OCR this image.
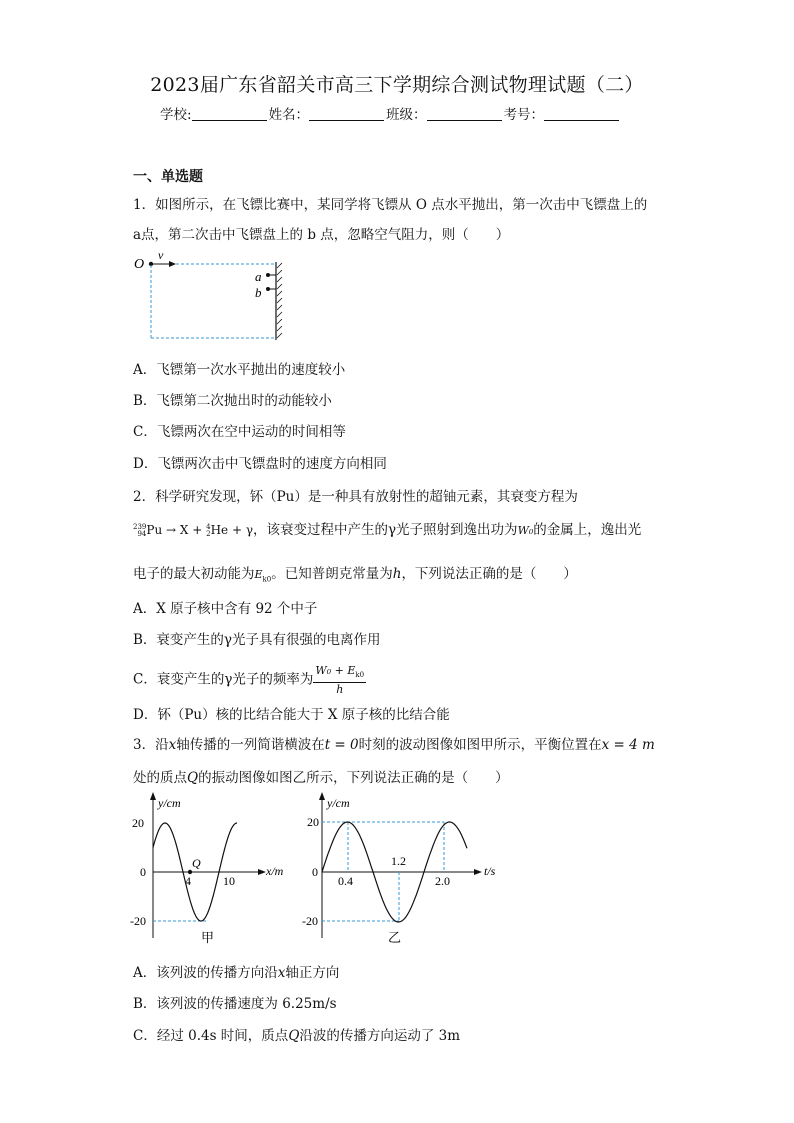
2023届广东省韶关市高三下学期综合测试物理试题（二）
学校:	姓名：	班级：	考号：
一、单选题
1．如图所示，在飞镖比赛中，某同学将飞镖从 O 点水平抛出，第一次击中飞镖盘上的
a点，第二次击中飞镖盘上的 b 点，忽略空气阻力，则（　　）
O
v
a
b
A．飞镖第一次水平抛出的速度较小
B．飞镖第二次抛出时的动能较小
C．飞镖两次在空中运动的时间相等
D．飞镖两次击中飞镖盘时的速度方向相同
2．科学研究发现，钚（Pu）是一种具有放射性的超铀元素，其衰变方程为
239
94Pu → X + 4
2He + γ，该衰变过程中产生的γ光子照射到逸出功为W₀的金属上，逸出光
电子的最大初动能为$E_{k0}$。已知普朗克常量为h，下列说法正确的是（　　）
A．X 原子核中含有 92 个中子
B．衰变产生的γ光子具有很强的电离作用
C．衰变产生的γ光子的频率为 $\frac{W_0 + E_{k0}}{h}$
D．钚（Pu）核的比结合能大于 X 原子核的比结合能
3．沿x轴传播的一列简谐横波在t = 0时刻的波动图像如图甲所示，平衡位置在x = 4 m
处的质点Q的振动图像如图乙所示，下列说法正确的是（　　）
y/cm
x/m
20
0
-20
Q
4	10
甲
y/cm
t/s
20
0
-20
0.4
1.2
2.0
乙
A．该列波的传播方向沿x轴正方向
B．该列波的传播速度为 6.25m/s
C．经过 0.4s 时间，质点Q沿波的传播方向运动了 3m
